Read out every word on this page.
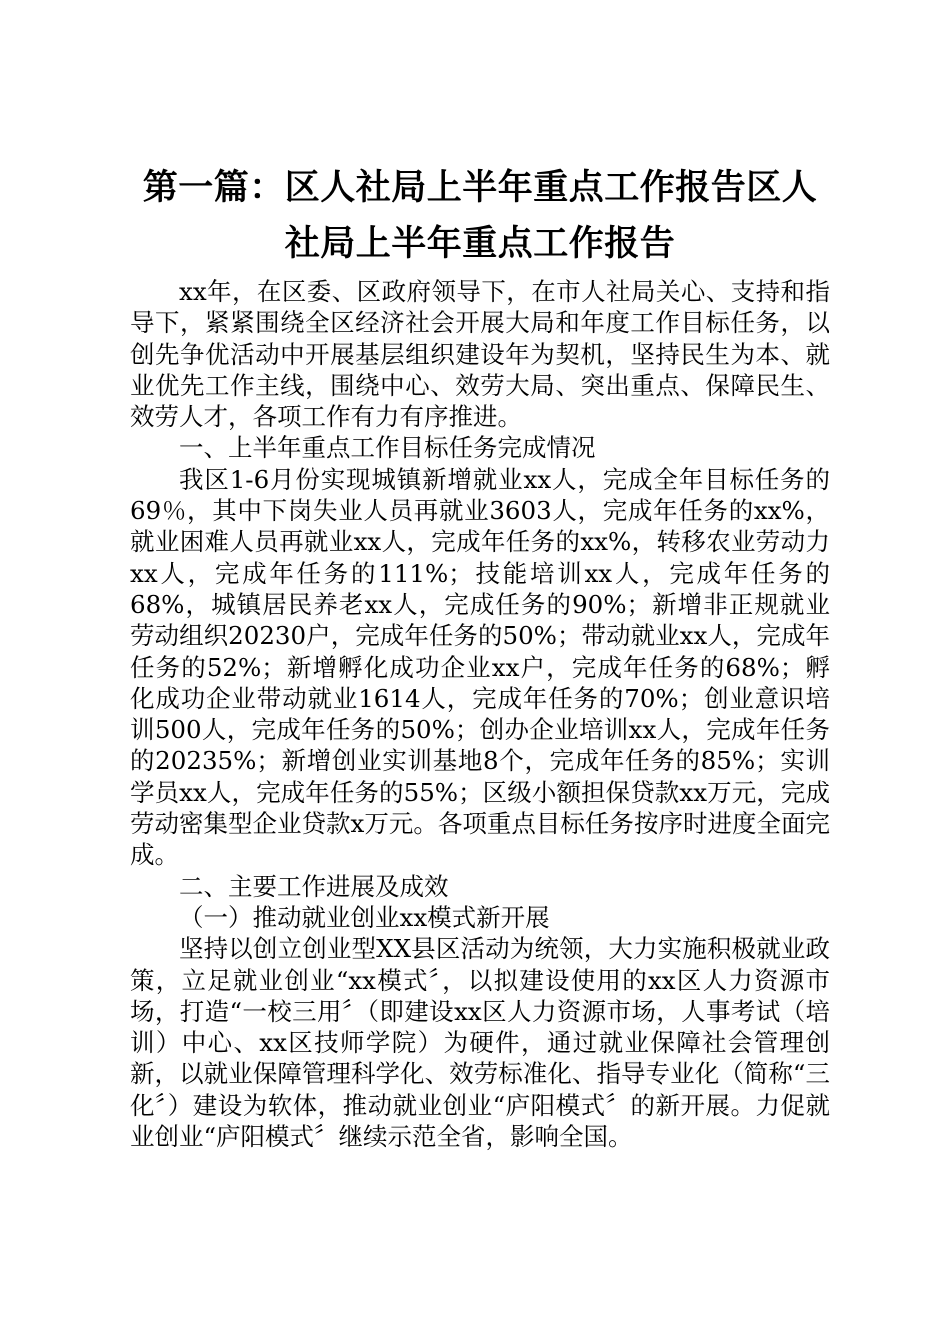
第一篇：区人社局上半年重点工作报告区人社局上半年重点工作报告

xx年，在区委、区政府领导下，在市人社局关心、支持和指导下，紧紧围绕全区经济社会开展大局和年度工作目标任务，以创先争优活动中开展基层组织建设年为契机，坚持民生为本、就业优先工作主线，围绕中心、效劳大局、突出重点、保障民生、效劳人才，各项工作有力有序推进。

一、上半年重点工作目标任务完成情况

我区1-6月份实现城镇新增就业xx人，完成全年目标任务的69％，其中下岗失业人员再就业3603人，完成年任务的xx%，就业困难人员再就业xx人，完成年任务的xx%，转移农业劳动力xx人，完成年任务的111%；技能培训xx人，完成年任务的68%，城镇居民养老xx人，完成任务的90%；新增非正规就业劳动组织20230户，完成年任务的50%；带动就业xx人，完成年任务的52%；新增孵化成功企业xx户，完成年任务的68%；孵化成功企业带动就业1614人，完成年任务的70%；创业意识培训500人，完成年任务的50%；创办企业培训xx人，完成年任务的20235%；新增创业实训基地8个，完成年任务的85%；实训学员xx人，完成年任务的55%；区级小额担保贷款xx万元，完成劳动密集型企业贷款x万元。各项重点目标任务按序时进度全面完成。

二、主要工作进展及成效

（一）推动就业创业xx模式新开展

坚持以创立创业型XX县区活动为统领，大力实施积极就业政策，立足就业创业“xx模式〞，以拟建设使用的xx区人力资源市场，打造“一校三用〞（即建设xx区人力资源市场，人事考试（培训）中心、xx区技师学院）为硬件，通过就业保障社会管理创新，以就业保障管理科学化、效劳标准化、指导专业化（简称“三化〞）建设为软体，推动就业创业“庐阳模式〞的新开展。力促就业创业“庐阳模式〞继续示范全省，影响全国。
